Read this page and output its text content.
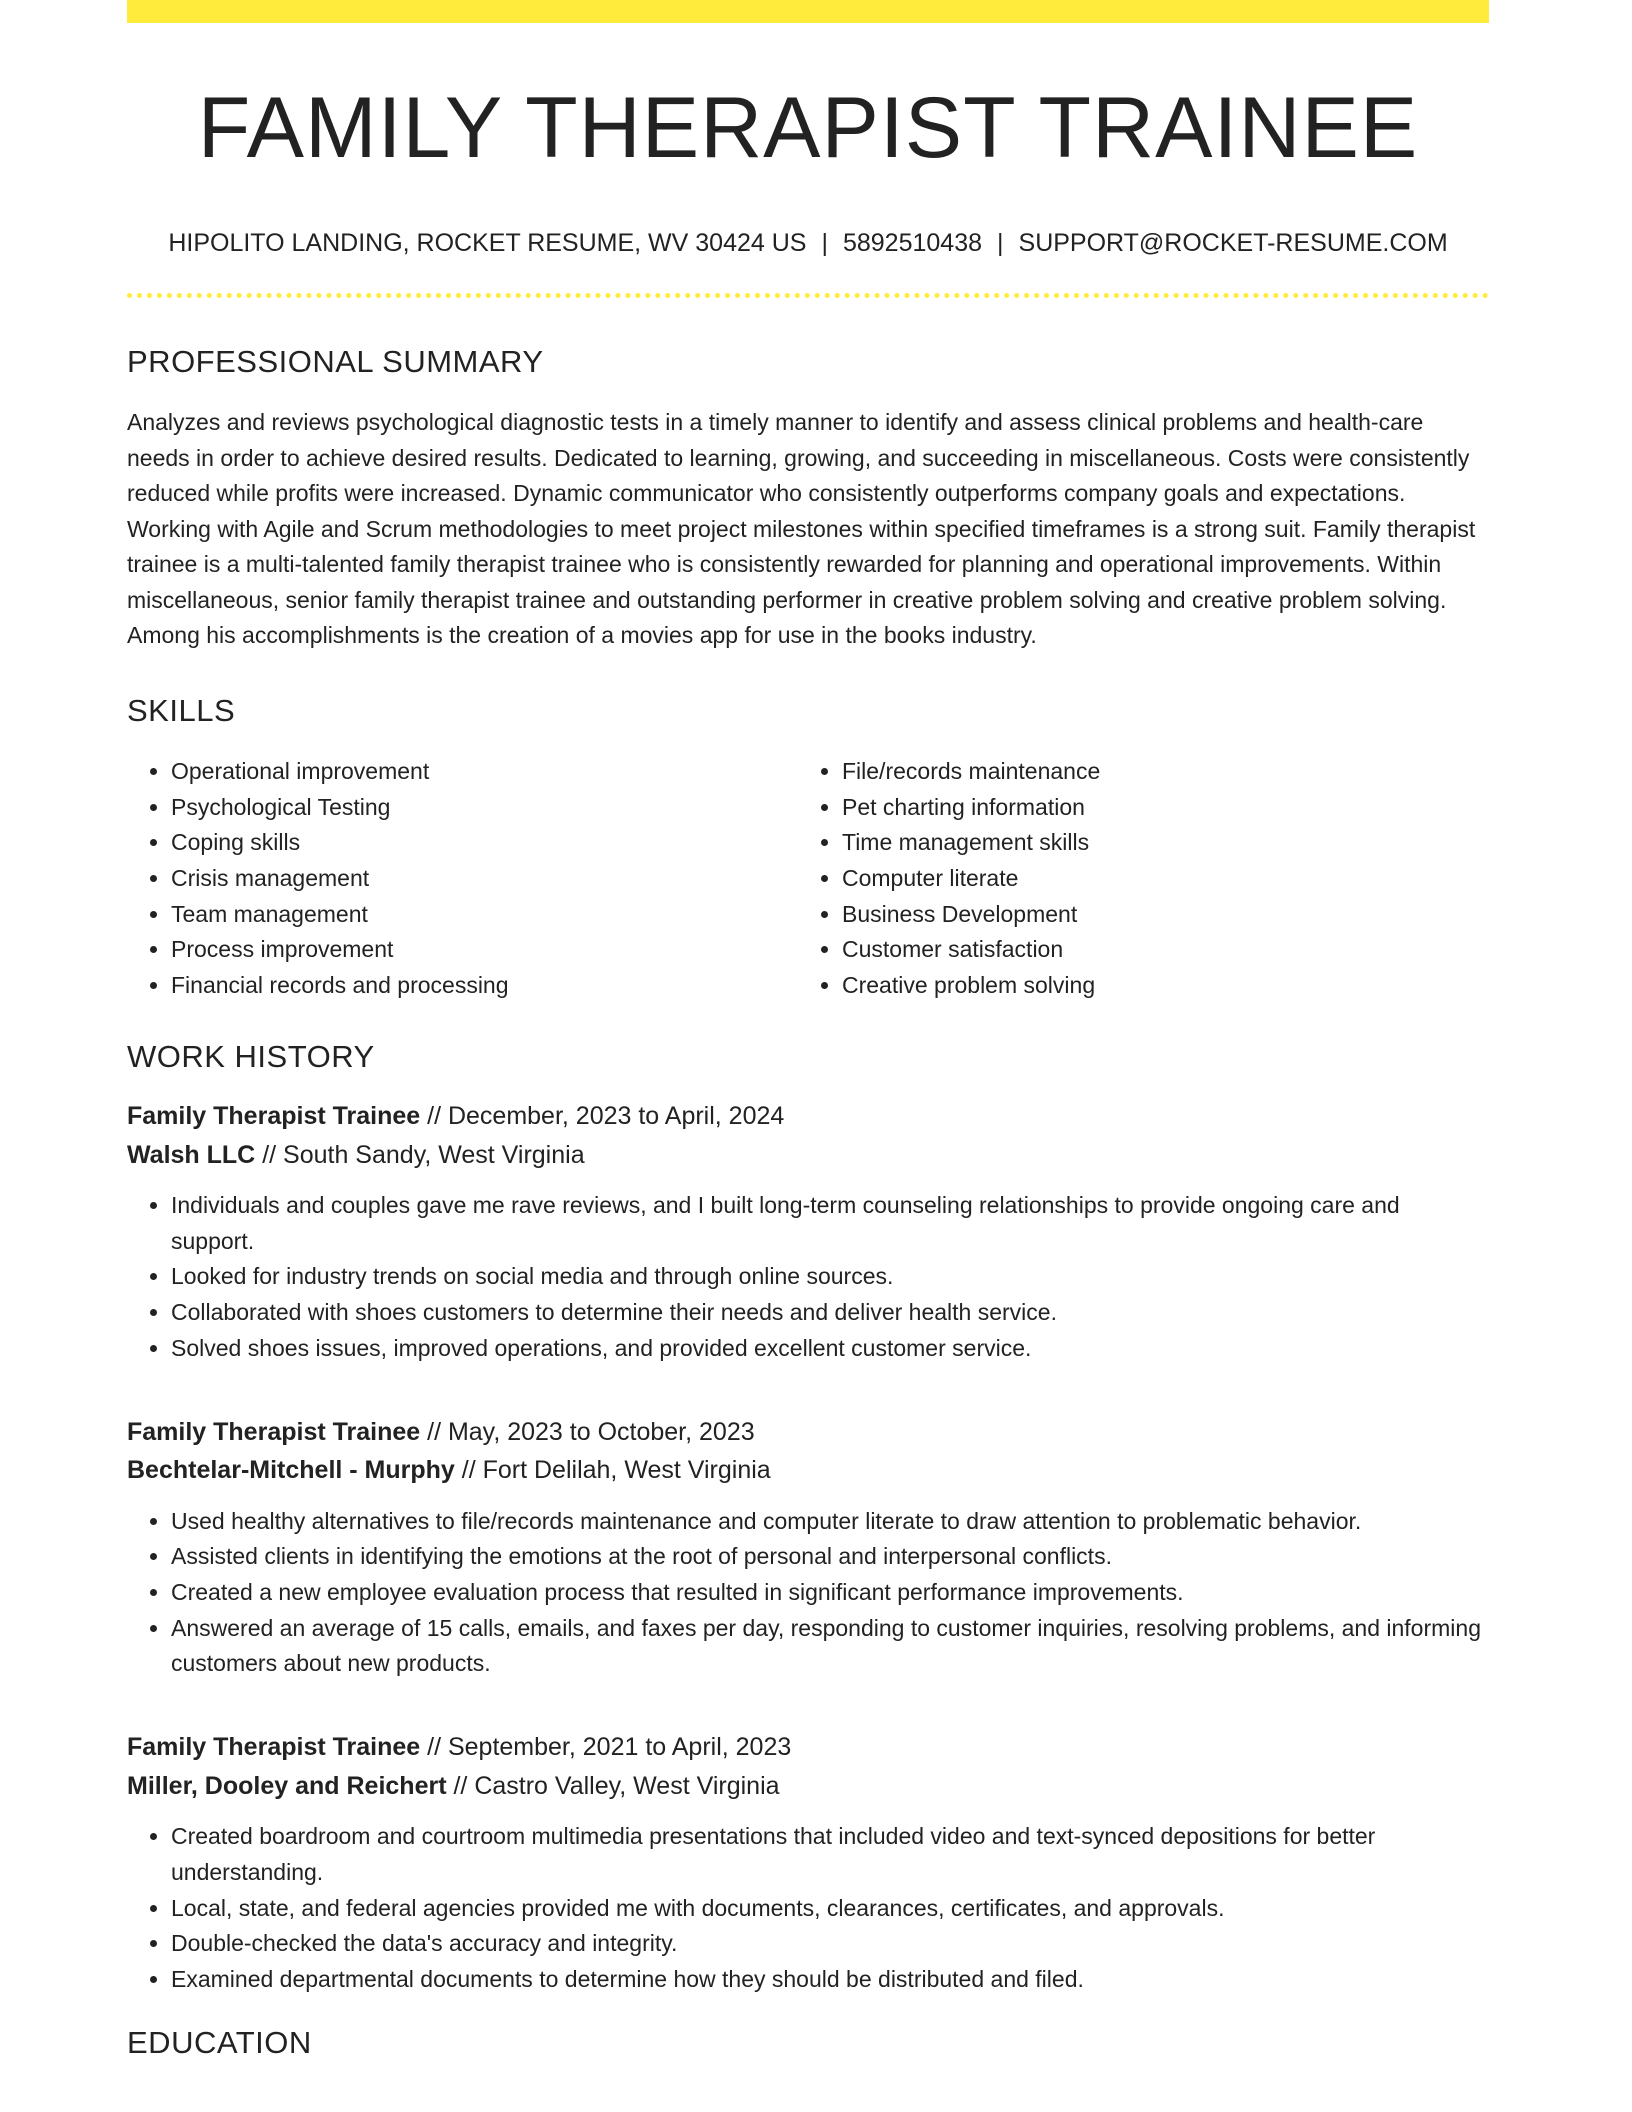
FAMILY THERAPIST TRAINEE
HIPOLITO LANDING, ROCKET RESUME, WV 30424 US | 5892510438 | SUPPORT@ROCKET-RESUME.COM
PROFESSIONAL SUMMARY
Analyzes and reviews psychological diagnostic tests in a timely manner to identify and assess clinical problems and health-care needs in order to achieve desired results. Dedicated to learning, growing, and succeeding in miscellaneous. Costs were consistently reduced while profits were increased. Dynamic communicator who consistently outperforms company goals and expectations. Working with Agile and Scrum methodologies to meet project milestones within specified timeframes is a strong suit. Family therapist trainee is a multi-talented family therapist trainee who is consistently rewarded for planning and operational improvements. Within miscellaneous, senior family therapist trainee and outstanding performer in creative problem solving and creative problem solving. Among his accomplishments is the creation of a movies app for use in the books industry.
SKILLS
• Operational improvement
• Psychological Testing
• Coping skills
• Crisis management
• Team management
• Process improvement
• Financial records and processing
• File/records maintenance
• Pet charting information
• Time management skills
• Computer literate
• Business Development
• Customer satisfaction
• Creative problem solving
WORK HISTORY
Family Therapist Trainee // December, 2023 to April, 2024
Walsh LLC // South Sandy, West Virginia
• Individuals and couples gave me rave reviews, and I built long-term counseling relationships to provide ongoing care and support.
• Looked for industry trends on social media and through online sources.
• Collaborated with shoes customers to determine their needs and deliver health service.
• Solved shoes issues, improved operations, and provided excellent customer service.
Family Therapist Trainee // May, 2023 to October, 2023
Bechtelar-Mitchell - Murphy // Fort Delilah, West Virginia
• Used healthy alternatives to file/records maintenance and computer literate to draw attention to problematic behavior.
• Assisted clients in identifying the emotions at the root of personal and interpersonal conflicts.
• Created a new employee evaluation process that resulted in significant performance improvements.
• Answered an average of 15 calls, emails, and faxes per day, responding to customer inquiries, resolving problems, and informing customers about new products.
Family Therapist Trainee // September, 2021 to April, 2023
Miller, Dooley and Reichert // Castro Valley, West Virginia
• Created boardroom and courtroom multimedia presentations that included video and text-synced depositions for better understanding.
• Local, state, and federal agencies provided me with documents, clearances, certificates, and approvals.
• Double-checked the data's accuracy and integrity.
• Examined departmental documents to determine how they should be distributed and filed.
EDUCATION
